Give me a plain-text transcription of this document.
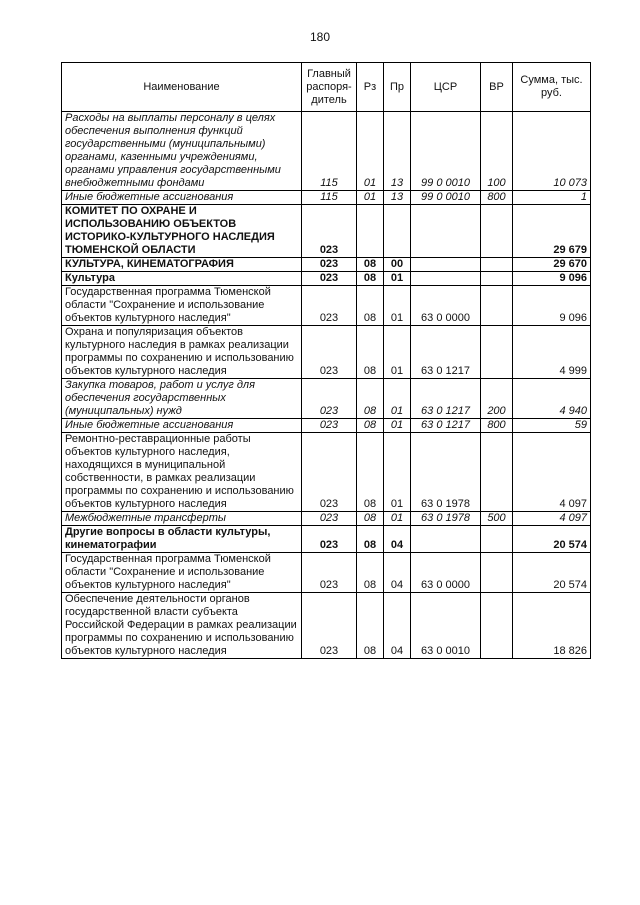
180
Наименование	Главный распоря-дитель	Рз	Пр	ЦСР	ВР	Сумма, тыс. руб.
Расходы на выплаты персоналу в целях обеспечения выполнения функций государственными (муниципальными) органами, казенными учреждениями, органами управления государственными внебюджетными фондами	115	01	13	99 0 0010	100	10 073
Иные бюджетные ассигнования	115	01	13	99 0 0010	800	1
КОМИТЕТ ПО ОХРАНЕ И ИСПОЛЬЗОВАНИЮ ОБЪЕКТОВ ИСТОРИКО-КУЛЬТУРНОГО НАСЛЕДИЯ ТЮМЕНСКОЙ ОБЛАСТИ	023					29 679
КУЛЬТУРА, КИНЕМАТОГРАФИЯ	023	08	00			29 670
Культура	023	08	01			9 096
Государственная программа Тюменской области "Сохранение и использование объектов культурного наследия"	023	08	01	63 0 0000		9 096
Охрана и популяризация объектов культурного наследия в рамках реализации программы по сохранению и использованию объектов культурного наследия	023	08	01	63 0 1217		4 999
Закупка товаров, работ и услуг для обеспечения государственных (муниципальных) нужд	023	08	01	63 0 1217	200	4 940
Иные бюджетные ассигнования	023	08	01	63 0 1217	800	59
Ремонтно-реставрационные работы объектов культурного наследия, находящихся в муниципальной собственности, в рамках реализации программы по сохранению и использованию объектов культурного наследия	023	08	01	63 0 1978		4 097
Межбюджетные трансферты	023	08	01	63 0 1978	500	4 097
Другие вопросы в области культуры, кинематографии	023	08	04			20 574
Государственная программа Тюменской области "Сохранение и использование объектов культурного наследия"	023	08	04	63 0 0000		20 574
Обеспечение деятельности органов государственной власти субъекта Российской Федерации в рамках реализации программы по сохранению и использованию объектов культурного наследия	023	08	04	63 0 0010		18 826
